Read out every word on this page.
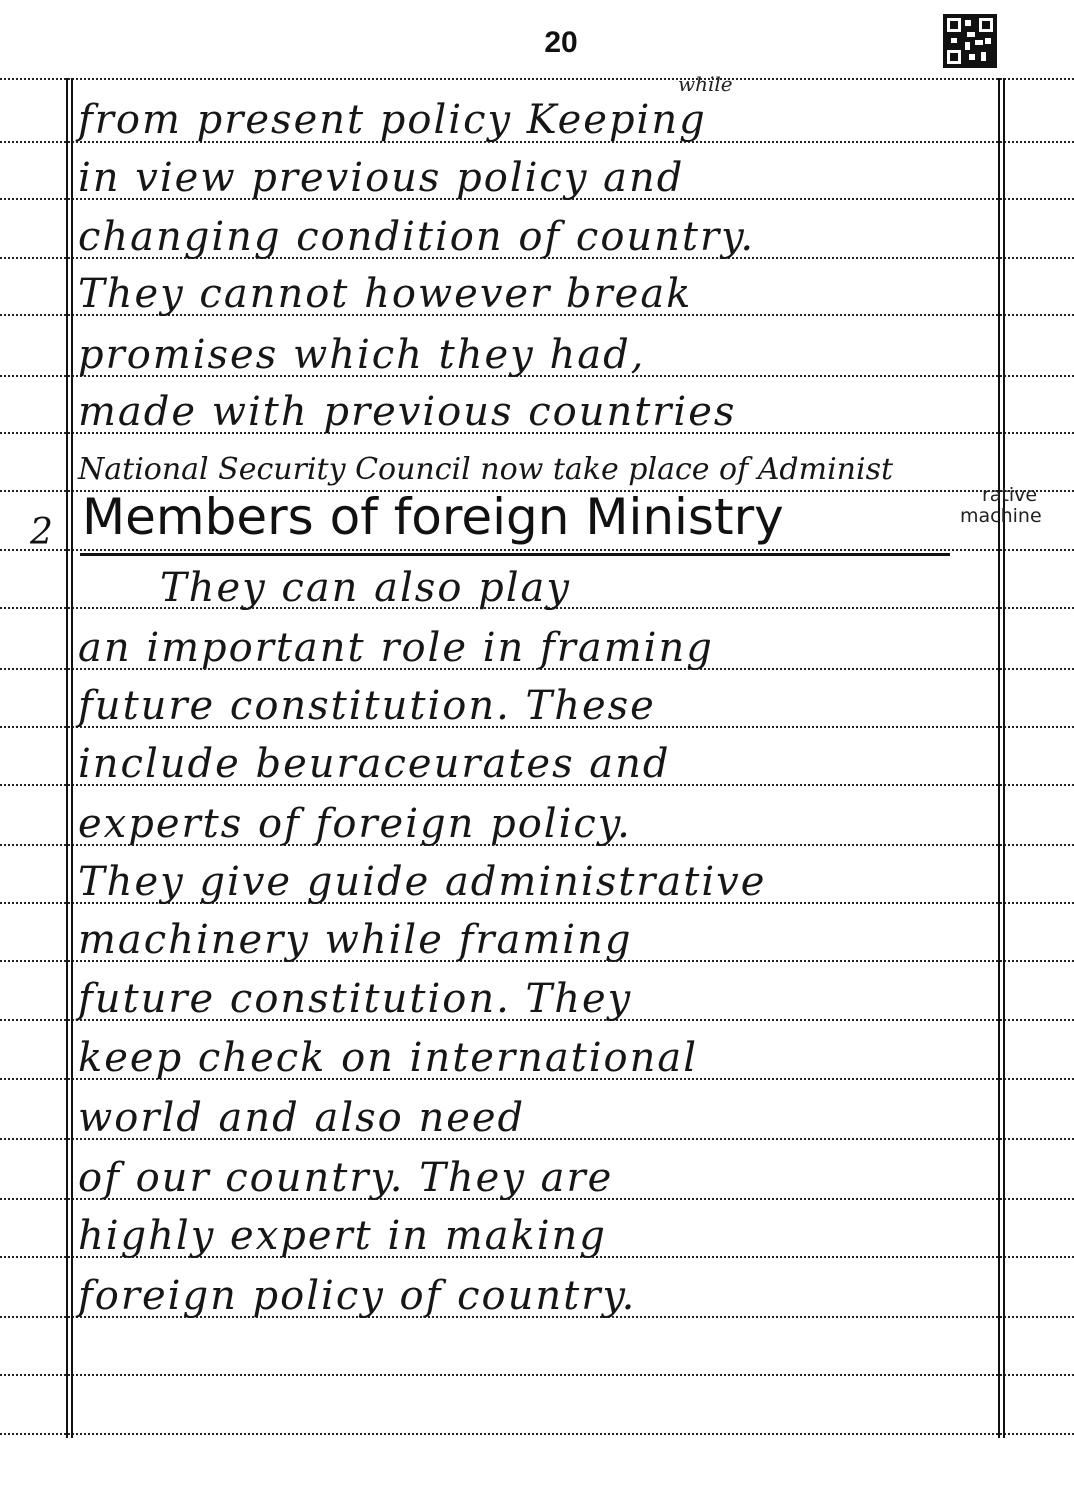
20
while
from present policy Keeping
in view previous policy and
changing condition of country.
They cannot however break
promises which they had,
made with previous countries
National Security Council now take place of Administ
rative
machine
2 Members of foreign Ministry
They can also play
an important role in framing
future constitution. These
include beuraceurates and
experts of foreign policy.
They give guide administrative
machinery while framing
future constitution. They
keep check on international
world and also need
of our country. They are
highly expert in making
foreign policy of country.
